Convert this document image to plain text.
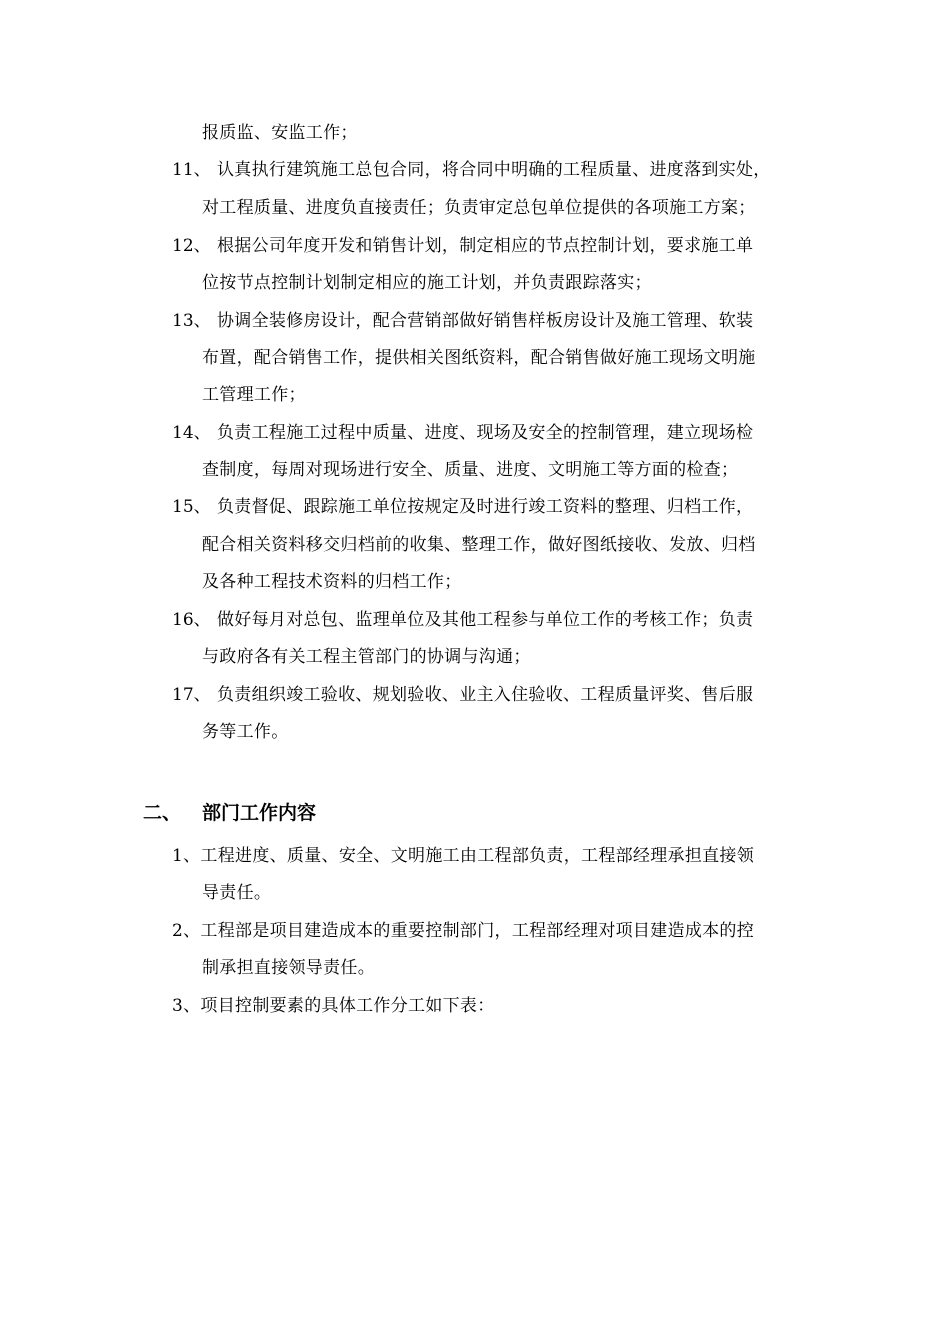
报质监、安监工作；
11、 认真执行建筑施工总包合同，将合同中明确的工程质量、进度落到实处，
对工程质量、进度负直接责任；负责审定总包单位提供的各项施工方案；
12、 根据公司年度开发和销售计划，制定相应的节点控制计划，要求施工单
位按节点控制计划制定相应的施工计划，并负责跟踪落实；
13、 协调全装修房设计，配合营销部做好销售样板房设计及施工管理、软装
布置，配合销售工作，提供相关图纸资料，配合销售做好施工现场文明施
工管理工作；
14、 负责工程施工过程中质量、进度、现场及安全的控制管理，建立现场检
查制度，每周对现场进行安全、质量、进度、文明施工等方面的检查；
15、 负责督促、跟踪施工单位按规定及时进行竣工资料的整理、归档工作，
配合相关资料移交归档前的收集、整理工作，做好图纸接收、发放、归档
及各种工程技术资料的归档工作；
16、 做好每月对总包、监理单位及其他工程参与单位工作的考核工作；负责
与政府各有关工程主管部门的协调与沟通；
17、 负责组织竣工验收、规划验收、业主入住验收、工程质量评奖、售后服
务等工作。
二、 部门工作内容
1、工程进度、质量、安全、文明施工由工程部负责，工程部经理承担直接领
导责任。
2、工程部是项目建造成本的重要控制部门，工程部经理对项目建造成本的控
制承担直接领导责任。
3、项目控制要素的具体工作分工如下表：
